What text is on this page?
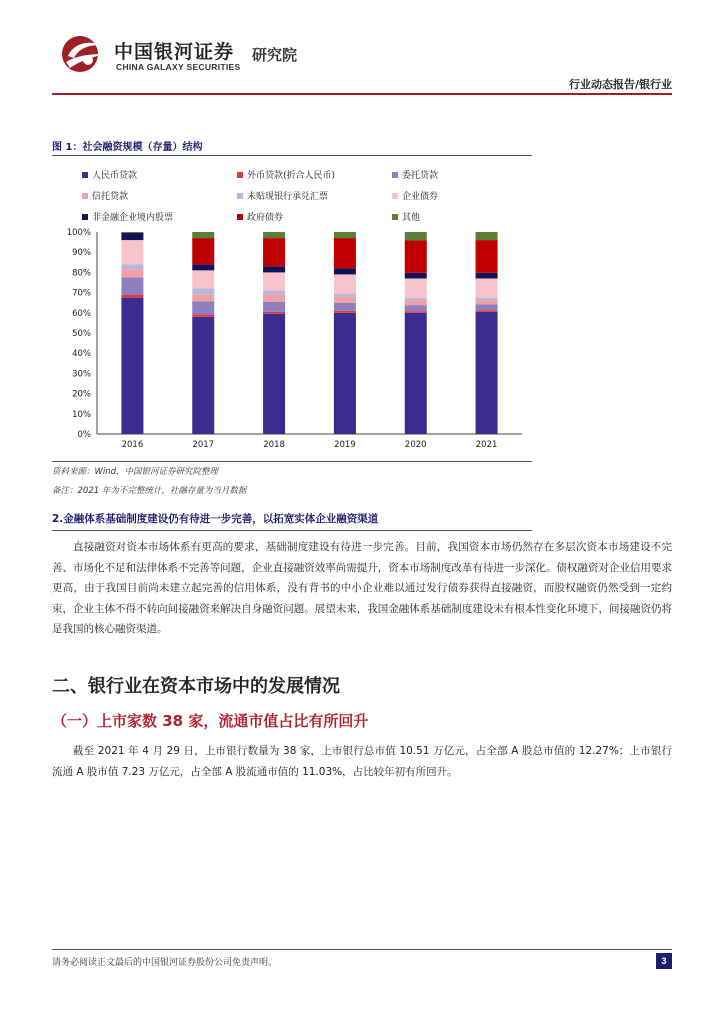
中国银河证券
CHINA GALAXY SECURITIES
研究院
行业动态报告/银行业
图 1：社会融资规模（存量）结构
人民币贷款	外币贷款(折合人民币)	委托贷款
信托贷款	未贴现银行承兑汇票	企业债券
非金融企业境内股票	政府债券	其他
0%
10%
20%
30%
40%
50%
60%
70%
80%
90%
100%
2016	2017	2018	2019	2020	2021
资料来源：Wind，中国银河证券研究院整理
备注：2021 年为不完整统计，社融存量为当月数据
2.金融体系基础制度建设仍有待进一步完善，以拓宽实体企业融资渠道
直接融资对资本市场体系有更高的要求，基础制度建设有待进一步完善。目前，我国资本市场仍然存在多层次资本市场建设不完善、市场化不足和法律体系不完善等问题，企业直接融资效率尚需提升，资本市场制度改革有待进一步深化。债权融资对企业信用要求更高，由于我国目前尚未建立起完善的信用体系，没有背书的中小企业难以通过发行债券获得直接融资，而股权融资仍然受到一定约束，企业主体不得不转向间接融资来解决自身融资问题。展望未来，我国金融体系基础制度建设未有根本性变化环境下，间接融资仍将是我国的核心融资渠道。
二、银行业在资本市场中的发展情况
（一）上市家数 38 家，流通市值占比有所回升
截至 2021 年 4 月 29 日，上市银行数量为 38 家，上市银行总市值 10.51 万亿元，占全部 A 股总市值的 12.27%；上市银行流通 A 股市值 7.23 万亿元，占全部 A 股流通市值的 11.03%，占比较年初有所回升。
请务必阅读正文最后的中国银河证券股份公司免责声明。	3
